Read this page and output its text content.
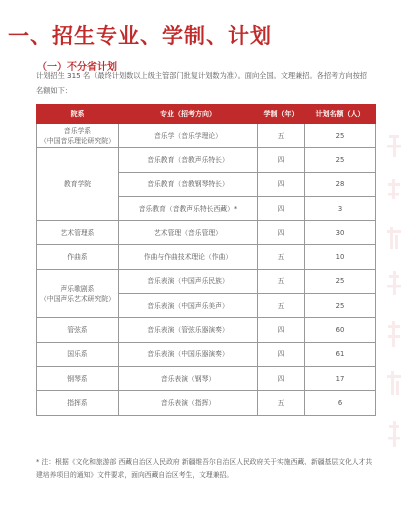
一、招生专业、学制、计划
（一）不分省计划
计划招生 315 名（最终计划数以上级主管部门批复计划数为准）。面向全国。文理兼招。各招考方向按招名额如下：
院系	专业（招考方向）	学制（年）	计划名额（人）
音乐学系
（中国音乐理论研究院）	音乐学（音乐学理论）	五	25
教育学院	音乐教育（音教声乐特长）	四	25
	音乐教育（音教钢琴特长）	四	28
	音乐教育（音教声乐特长西藏）*	四	3
艺术管理系	艺术管理（音乐管理）	四	30
作曲系	作曲与作曲技术理论（作曲）	五	10
声乐歌剧系
（中国声乐艺术研究院）	音乐表演（中国声乐民族）	五	25
	音乐表演（中国声乐美声）	五	25
管弦系	音乐表演（管弦乐器演奏）	四	60
国乐系	音乐表演（中国乐器演奏）	四	61
钢琴系	音乐表演（钢琴）	四	17
指挥系	音乐表演（指挥）	五	6
* 注：根据《文化和旅游部 西藏自治区人民政府 新疆维吾尔自治区人民政府关于实施西藏、新疆基层文化人才共建培养项目的通知》文件要求，面向西藏自治区考生，文理兼招。
